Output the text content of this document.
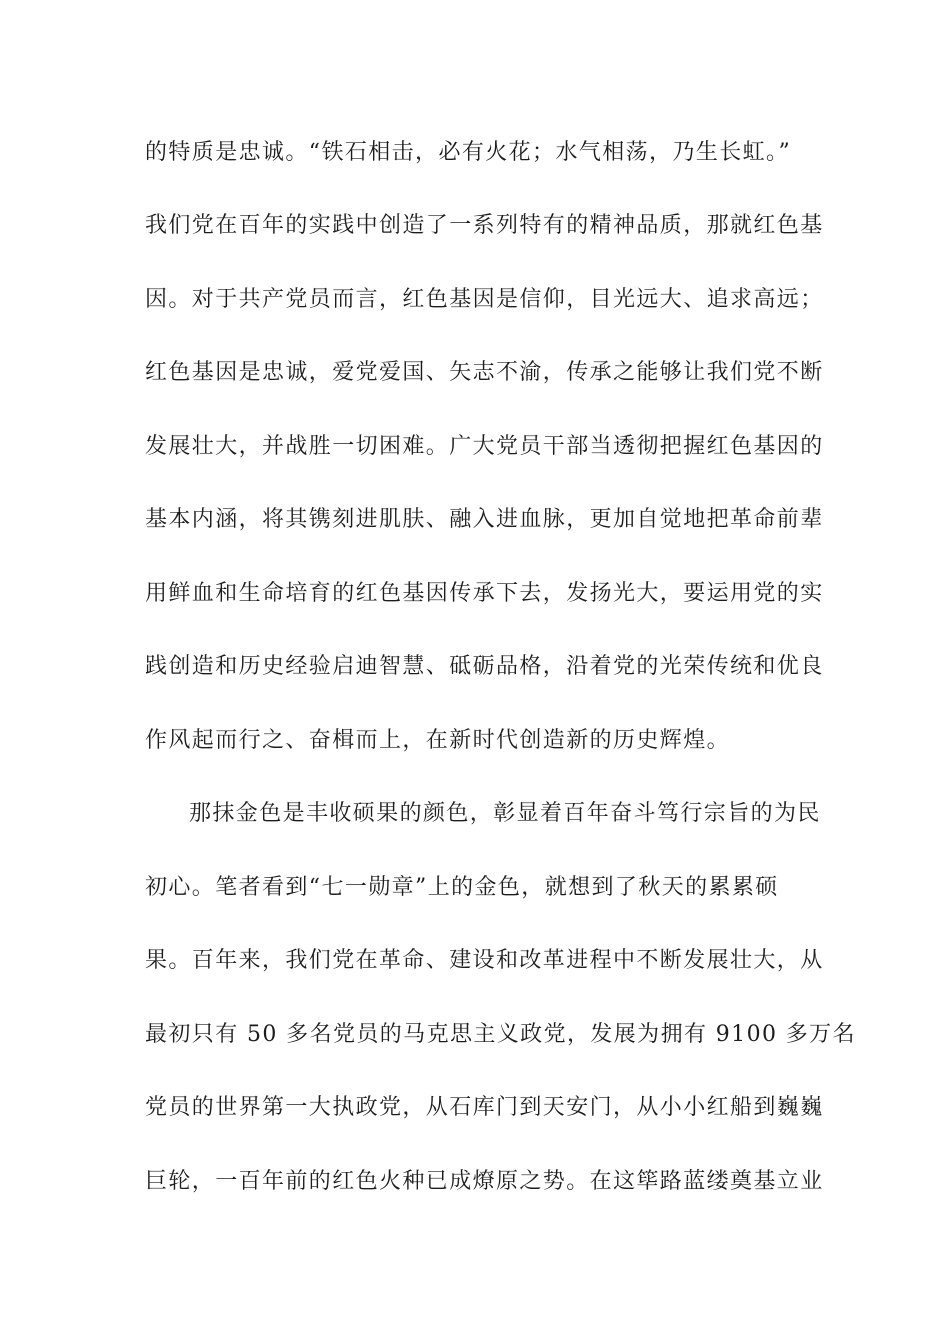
的特质是忠诚。“铁石相击，必有火花；水气相荡，乃生长虹。”
我们党在百年的实践中创造了一系列特有的精神品质，那就红色基
因。对于共产党员而言，红色基因是信仰，目光远大、追求高远；
红色基因是忠诚，爱党爱国、矢志不渝，传承之能够让我们党不断
发展壮大，并战胜一切困难。广大党员干部当透彻把握红色基因的
基本内涵，将其镌刻进肌肤、融入进血脉，更加自觉地把革命前辈
用鲜血和生命培育的红色基因传承下去，发扬光大，要运用党的实
践创造和历史经验启迪智慧、砥砺品格，沿着党的光荣传统和优良
作风起而行之、奋楫而上，在新时代创造新的历史辉煌。
那抹金色是丰收硕果的颜色，彰显着百年奋斗笃行宗旨的为民
初心。笔者看到“七一勋章”上的金色，就想到了秋天的累累硕
果。百年来，我们党在革命、建设和改革进程中不断发展壮大，从
最初只有 50 多名党员的马克思主义政党，发展为拥有 9100 多万名
党员的世界第一大执政党，从石库门到天安门，从小小红船到巍巍
巨轮，一百年前的红色火种已成燎原之势。在这筚路蓝缕奠基立业
